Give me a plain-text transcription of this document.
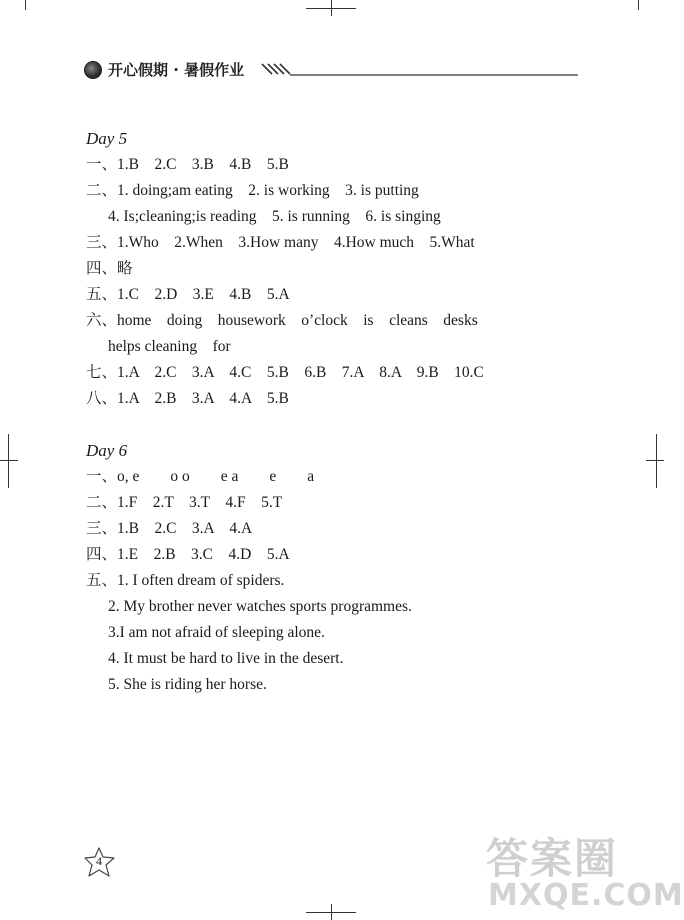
开心假期 · 暑假作业
Day 5
一、1.B    2.C    3.B    4.B    5.B
二、1. doing;am eating    2. is working    3. is putting
4. Is;cleaning;is reading    5. is running    6. is singing
三、1.Who    2.When    3.How many    4.How much    5.What
四、略
五、1.C    2.D    3.E    4.B    5.A
六、home    doing    housework    o’clock    is    cleans    desks
helps cleaning    for
七、1.A    2.C    3.A    4.C    5.B    6.B    7.A    8.A    9.B    10.C
八、1.A    2.B    3.A    4.A    5.B
Day 6
一、o, e        o o        e a        e        a
二、1.F    2.T    3.T    4.F    5.T
三、1.B    2.C    3.A    4.A
四、1.E    2.B    3.C    4.D    5.A
五、1. I often dream of spiders.
2. My brother never watches sports programmes.
3.I am not afraid of sleeping alone.
4. It must be hard to live in the desert.
5. She is riding her horse.
4	答案圈
MXQE.COM
